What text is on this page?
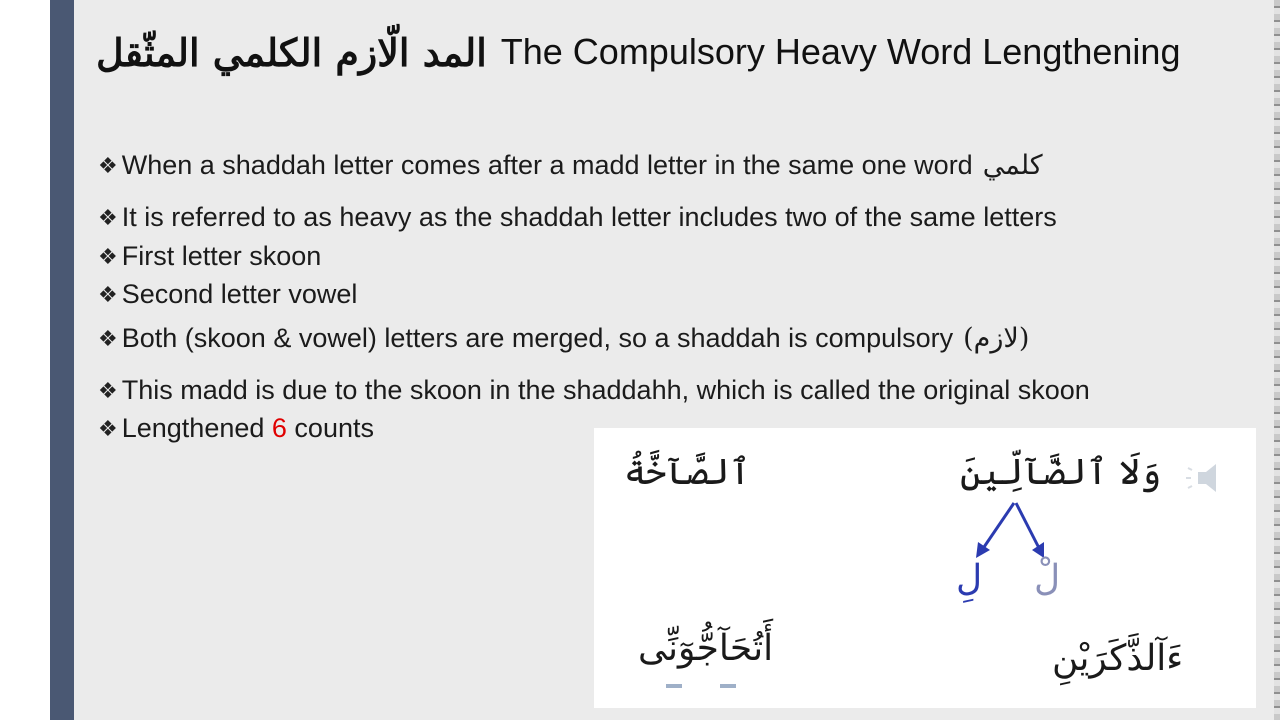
المد الّازم الكلمي المثّقل The Compulsory Heavy Word Lengthening
❖ When a shaddah letter comes after a madd letter in the same one word كلمي
❖ It is referred to as heavy as the shaddah letter includes two of the same letters
❖ First letter skoon
❖ Second letter vowel
❖ Both (skoon & vowel) letters are merged, so a shaddah is compulsory (لازم)
❖ This madd is due to the skoon in the shaddahh, which is called the original skoon
❖ Lengthened 6 counts
ٱلصَّآخَّةُ	وَلَا ٱلضَّآلِّينَ
لِ لْ
أَتُحَآجُّوٓنِّى	ءَآلذَّكَرَيْنِ
